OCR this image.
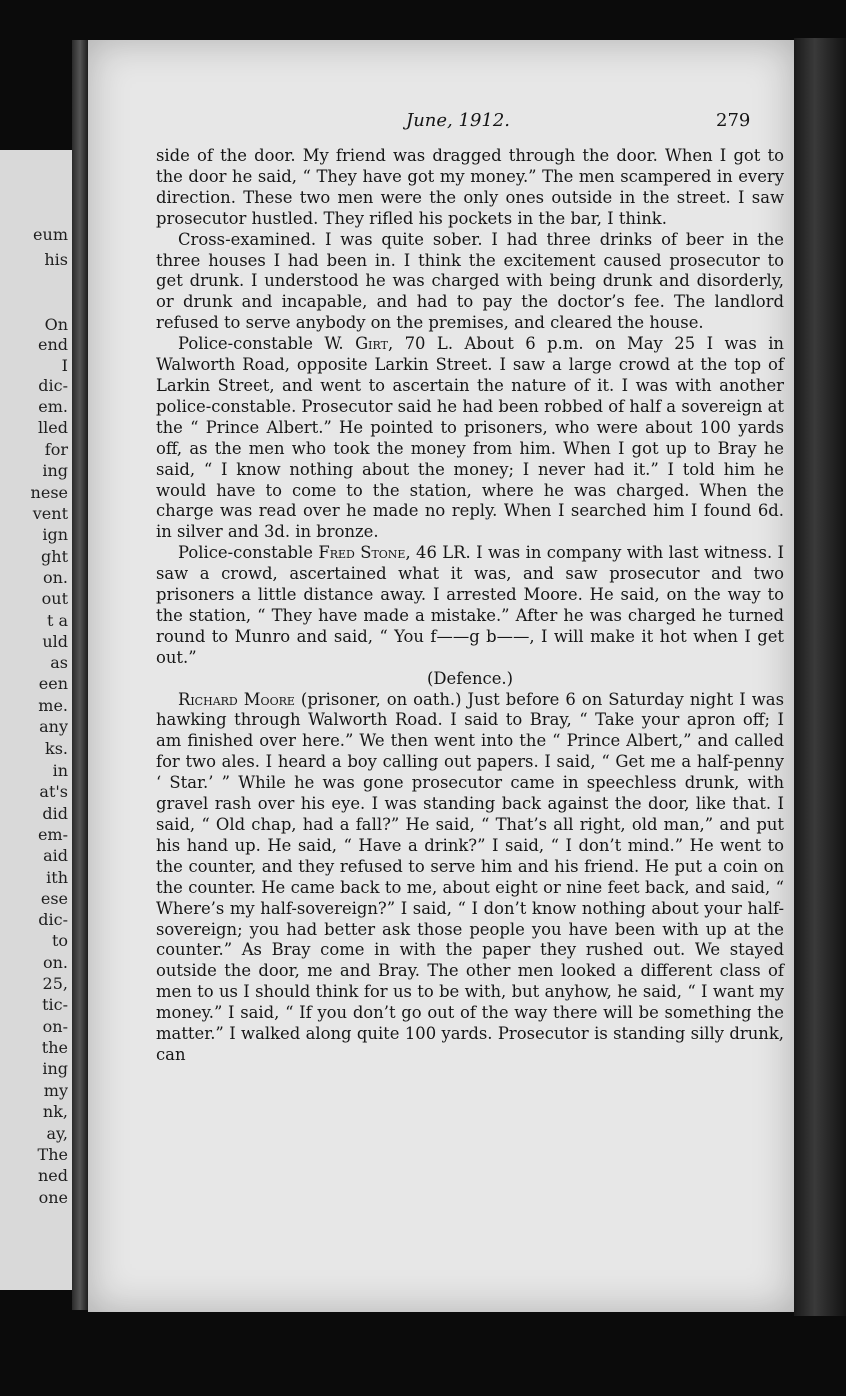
eum
his
On
end
I
dic-
em.
lled
for
ing
nese
vent
ign
ght
on.
out
t a
uld
as
een
me.
any
ks.
in
at's
did
em-
aid
ith
ese
dic-
to
on.
25,
tic-
on-
the
ing
my
nk,
ay,
The
ned
one
June, 1912.	279

side of the door. My friend was dragged through the door. When I got to the door he said, “ They have got my money.” The men scampered in every direction. These two men were the only ones outside in the street. I saw prosecutor hustled. They rifled his pockets in the bar, I think.

Cross-examined. I was quite sober. I had three drinks of beer in the three houses I had been in. I think the excitement caused prosecutor to get drunk. I understood he was charged with being drunk and disorderly, or drunk and incapable, and had to pay the doctor’s fee. The landlord refused to serve anybody on the premises, and cleared the house.

Police-constable W. Girt, 70 L. About 6 p.m. on May 25 I was in Walworth Road, opposite Larkin Street. I saw a large crowd at the top of Larkin Street, and went to ascertain the nature of it. I was with another police-constable. Prosecutor said he had been robbed of half a sovereign at the “ Prince Albert.” He pointed to prisoners, who were about 100 yards off, as the men who took the money from him. When I got up to Bray he said, “ I know nothing about the money; I never had it.” I told him he would have to come to the station, where he was charged. When the charge was read over he made no reply. When I searched him I found 6d. in silver and 3d. in bronze.

Police-constable Fred Stone, 46 LR. I was in company with last witness. I saw a crowd, ascertained what it was, and saw prosecutor and two prisoners a little distance away. I arrested Moore. He said, on the way to the station, “ They have made a mistake.” After he was charged he turned round to Munro and said, “ You f——g b——, I will make it hot when I get out.”

(Defence.)

Richard Moore (prisoner, on oath.) Just before 6 on Saturday night I was hawking through Walworth Road. I said to Bray, “ Take your apron off; I am finished over here.” We then went into the “ Prince Albert,” and called for two ales. I heard a boy calling out papers. I said, “ Get me a half-penny ‘ Star.’ ” While he was gone prosecutor came in speechless drunk, with gravel rash over his eye. I was standing back against the door, like that. I said, “ Old chap, had a fall?” He said, “ That’s all right, old man,” and put his hand up. He said, “ Have a drink?” I said, “ I don’t mind.” He went to the counter, and they refused to serve him and his friend. He put a coin on the counter. He came back to me, about eight or nine feet back, and said, “ Where’s my half-sovereign?” I said, “ I don’t know nothing about your half-sovereign; you had better ask those people you have been with up at the counter.” As Bray come in with the paper they rushed out. We stayed outside the door, me and Bray. The other men looked a different class of men to us I should think for us to be with, but anyhow, he said, “ I want my money.” I said, “ If you don’t go out of the way there will be something the matter.” I walked along quite 100 yards. Prosecutor is standing silly drunk, can
